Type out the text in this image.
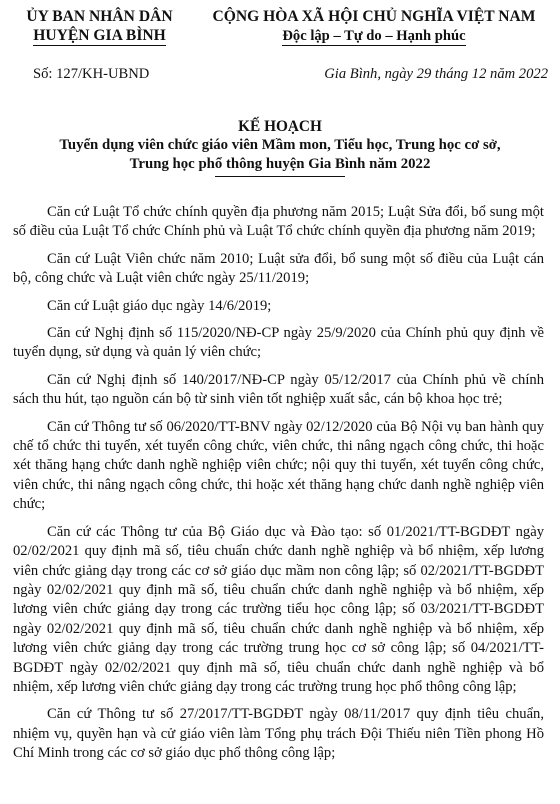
ỦY BAN NHÂN DÂN
HUYỆN GIA BÌNH
CỘNG HÒA XÃ HỘI CHỦ NGHĨA VIỆT NAM
Độc lập – Tự do – Hạnh phúc
Số: 127/KH-UBND	Gia Bình, ngày 29 tháng 12 năm 2022
KẾ HOẠCH
Tuyển dụng viên chức giáo viên Mầm mon, Tiểu học, Trung học cơ sở,
Trung học phổ thông huyện Gia Bình năm 2022

Căn cứ Luật Tổ chức chính quyền địa phương năm 2015; Luật Sửa đổi, bổ sung một số điều của Luật Tổ chức Chính phủ và Luật Tổ chức chính quyền địa phương năm 2019;

Căn cứ Luật Viên chức năm 2010; Luật sửa đổi, bổ sung một số điều của Luật cán bộ, công chức và Luật viên chức ngày 25/11/2019;

Căn cứ Luật giáo dục ngày 14/6/2019;

Căn cứ Nghị định số 115/2020/NĐ-CP ngày 25/9/2020 của Chính phủ quy định về tuyển dụng, sử dụng và quản lý viên chức;

Căn cứ Nghị định số 140/2017/NĐ-CP ngày 05/12/2017 của Chính phủ về chính sách thu hút, tạo nguồn cán bộ từ sinh viên tốt nghiệp xuất sắc, cán bộ khoa học trẻ;

Căn cứ Thông tư số 06/2020/TT-BNV ngày 02/12/2020 của Bộ Nội vụ ban hành quy chế tổ chức thi tuyển, xét tuyển công chức, viên chức, thi nâng ngạch công chức, thi hoặc xét thăng hạng chức danh nghề nghiệp viên chức; nội quy thi tuyển, xét tuyển công chức, viên chức, thi nâng ngạch công chức, thi hoặc xét thăng hạng chức danh nghề nghiệp viên chức;

Căn cứ các Thông tư của Bộ Giáo dục và Đào tạo: số 01/2021/TT-BGDĐT ngày 02/02/2021 quy định mã số, tiêu chuẩn chức danh nghề nghiệp và bổ nhiệm, xếp lương viên chức giảng dạy trong các cơ sở giáo dục mầm non công lập; số 02/2021/TT-BGDĐT ngày 02/02/2021 quy định mã số, tiêu chuẩn chức danh nghề nghiệp và bổ nhiệm, xếp lương viên chức giảng dạy trong các trường tiểu học công lập; số 03/2021/TT-BGDĐT ngày 02/02/2021 quy định mã số, tiêu chuẩn chức danh nghề nghiệp và bổ nhiệm, xếp lương viên chức giảng dạy trong các trường trung học cơ sở công lập; số 04/2021/TT-BGDĐT ngày 02/02/2021 quy định mã số, tiêu chuẩn chức danh nghề nghiệp và bổ nhiệm, xếp lương viên chức giảng dạy trong các trường trung học phổ thông công lập;

Căn cứ Thông tư số 27/2017/TT-BGDĐT ngày 08/11/2017 quy định tiêu chuẩn, nhiệm vụ, quyền hạn và cử giáo viên làm Tổng phụ trách Đội Thiếu niên Tiền phong Hồ Chí Minh trong các cơ sở giáo dục phổ thông công lập;
